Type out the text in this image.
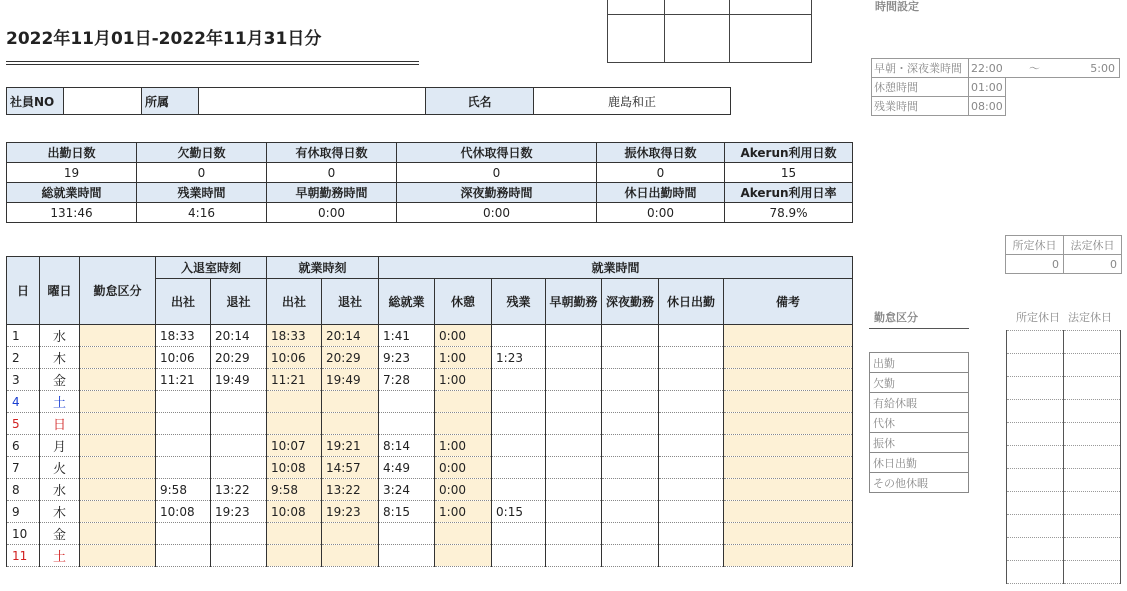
2022年11月01日-2022年11月31日分

社員NO		所属		氏名	鹿島和正
出勤日数	欠勤日数	有休取得日数	代休取得日数	振休取得日数	Akerun利用日数
19	0	0	0	0	15
総就業時間	残業時間	早朝勤務時間	深夜勤務時間	休日出勤時間	Akerun利用日率
131:46	4:16	0:00	0:00	0:00	78.9%
日	曜日	勤怠区分	入退室時刻		就業時刻		就業時間						
			出社	退社	出社	退社	総就業	休憩	残業	早朝勤務	深夜勤務	休日出勤	備考
1	水		18:33	20:14	18:33	20:14	1:41	0:00					
2	木		10:06	20:29	10:06	20:29	9:23	1:00	1:23				
3	金		11:21	19:49	11:21	19:49	7:28	1:00					
4	土												
5	日												
6	月				10:07	19:21	8:14	1:00					
7	火				10:08	14:57	4:49	0:00					
8	水		9:58	13:22	9:58	13:22	3:24	0:00					
9	木		10:08	19:23	10:08	19:23	8:15	1:00	0:15				
10	金												
11	土												
時間設定
早朝・深夜業時間	22:00	～	5:00
休憩時間	01:00		
残業時間	08:00		
所定休日	法定休日
0	0
勤怠区分
出勤
欠勤
有給休暇
代休
振休
休日出勤
その他休暇
所定休日 法定休日
